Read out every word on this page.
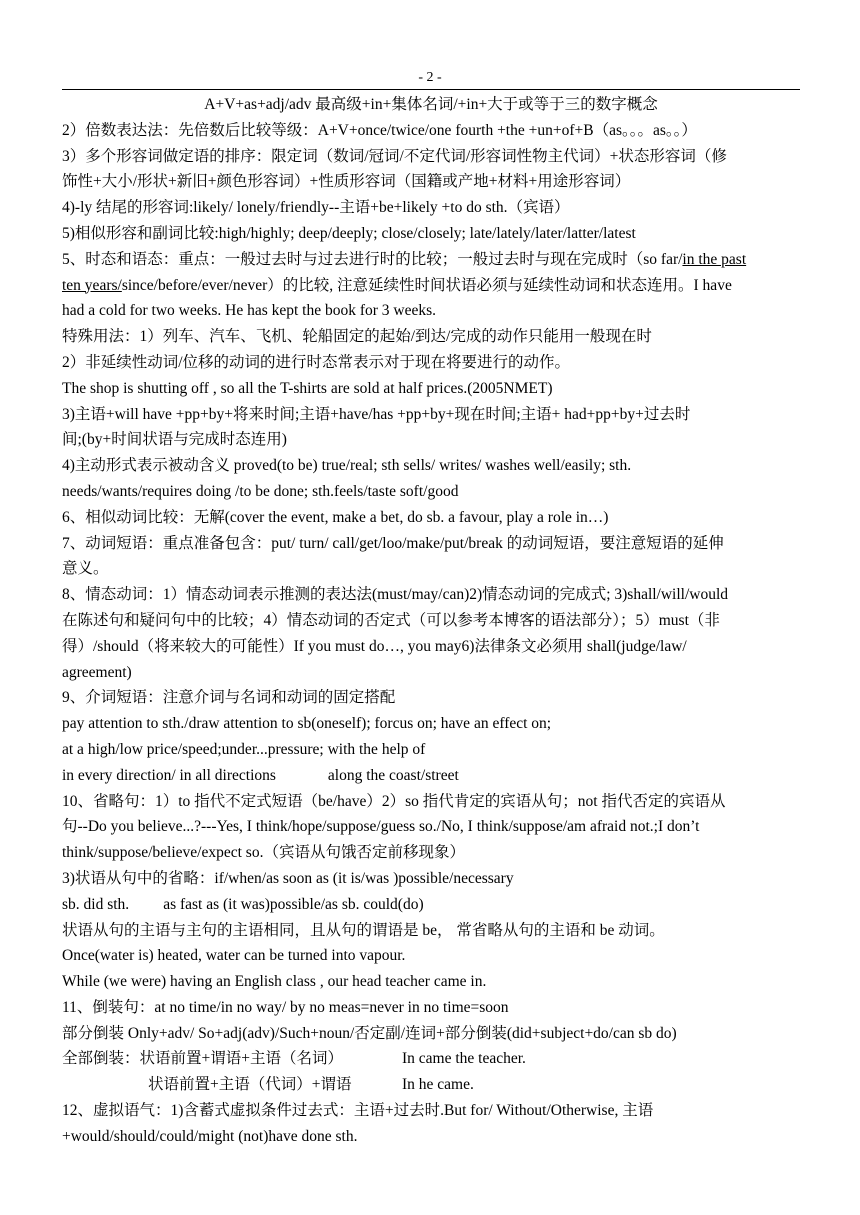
- 2 -
A+V+as+adj/adv 最高级+in+集体名词/+in+大于或等于三的数字概念
2）倍数表达法：先倍数后比较等级：A+V+once/twice/one fourth +the +un+of+B（as。。。as。。）
3）多个形容词做定语的排序：限定词（数词/冠词/不定代词/形容词性物主代词）+状态形容词（修
饰性+大小/形状+新旧+颜色形容词）+性质形容词（国籍或产地+材料+用途形容词）
4)-ly 结尾的形容词:likely/ lonely/friendly--主语+be+likely +to do sth.（宾语）
5)相似形容和副词比较:high/highly; deep/deeply; close/closely; late/lately/later/latter/latest
5、时态和语态：重点：一般过去时与过去进行时的比较；一般过去时与现在完成时（so far/in the past
ten years/since/before/ever/never）的比较, 注意延续性时间状语必须与延续性动词和状态连用。I have
had a cold for two weeks. He has kept the book for 3 weeks.
特殊用法：1）列车、汽车、飞机、轮船固定的起始/到达/完成的动作只能用一般现在时
2）非延续性动词/位移的动词的进行时态常表示对于现在将要进行的动作。
The shop is shutting off , so all the T-shirts are sold at half prices.(2005NMET)
3)主语+will have +pp+by+将来时间;主语+have/has +pp+by+现在时间;主语+ had+pp+by+过去时
间;(by+时间状语与完成时态连用)
4)主动形式表示被动含义 proved(to be) true/real; sth sells/ writes/ washes well/easily; sth.
needs/wants/requires doing /to be done; sth.feels/taste soft/good
6、相似动词比较：无解(cover the event, make a bet, do sb. a favour, play a role in…)
7、动词短语：重点准备包含：put/ turn/ call/get/loo/make/put/break 的动词短语，要注意短语的延伸
意义。
8、情态动词：1）情态动词表示推测的表达法(must/may/can)2)情态动词的完成式; 3)shall/will/would
在陈述句和疑问句中的比较；4）情态动词的否定式（可以参考本博客的语法部分）；5）must（非
得）/should（将来较大的可能性）If you must do…, you may6)法律条文必须用 shall(judge/law/
agreement)
9、介词短语：注意介词与名词和动词的固定搭配
pay attention to sth./draw attention to sb(oneself); forcus on; have an effect on;
at a high/low price/speed;under...pressure; with the help of
in every direction/ in all directions	along the coast/street
10、省略句：1）to 指代不定式短语（be/have）2）so 指代肯定的宾语从句；not 指代否定的宾语从
句--Do you believe...?---Yes, I think/hope/suppose/guess so./No, I think/suppose/am afraid not.;I don’t
think/suppose/believe/expect so.（宾语从句饿否定前移现象）
3)状语从句中的省略：if/when/as soon as (it is/was )possible/necessary
sb. did sth. as fast as (it was)possible/as sb. could(do)
状语从句的主语与主句的主语相同，且从句的谓语是 be， 常省略从句的主语和 be 动词。
Once(water is) heated, water can be turned into vapour.
While (we were) having an English class , our head teacher came in.
11、倒装句：at no time/in no way/ by no meas=never in no time=soon
部分倒装 Only+adv/ So+adj(adv)/Such+noun/否定副/连词+部分倒装(did+subject+do/can sb do)
全部倒装：状语前置+谓语+主语（名词）	In came the teacher.
状语前置+主语（代词）+谓语	In he came.
12、虚拟语气：1)含蓄式虚拟条件过去式：主语+过去时.But for/ Without/Otherwise, 主语
+would/should/could/might (not)have done sth.
